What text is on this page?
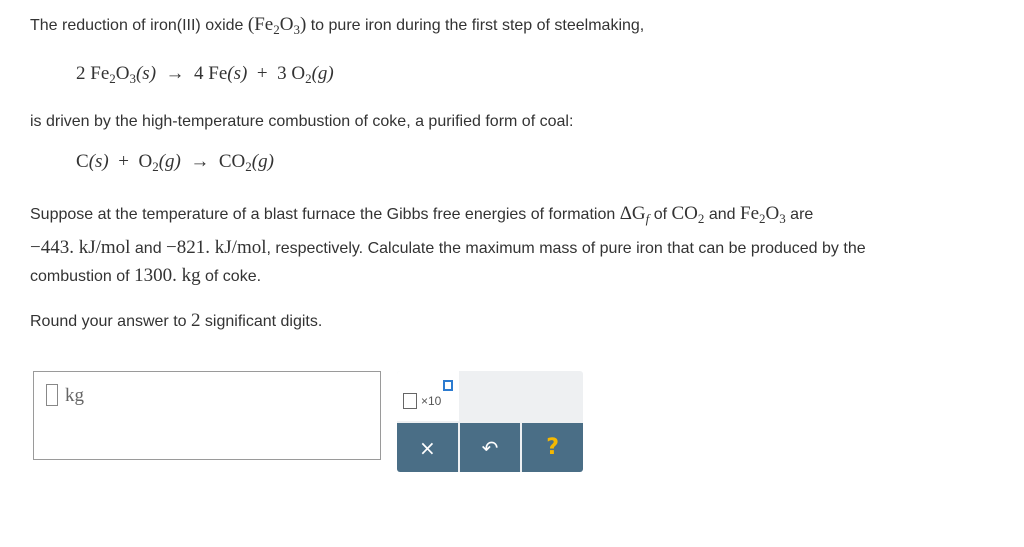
The reduction of iron(III) oxide $(Fe_2O_3)$ to pure iron during the first step of steelmaking,
2 $Fe_2O_3(s) \to 4$ Fe(s) + 3 $O_2(g)$
is driven by the high-temperature combustion of coke, a purified form of coal:
$C(s) + O_2(g) \to CO_2(g)$
Suppose at the temperature of a blast furnace the Gibbs free energies of formation $\Delta G_f$ of $CO_2$ and $Fe_2O_3$ are
−443. kJ/mol and −821. kJ/mol, respectively. Calculate the maximum mass of pure iron that can be produced by the
combustion of 1300. kg of coke.
Round your answer to 2 significant digits.
kg	×10
× ↶ ?
